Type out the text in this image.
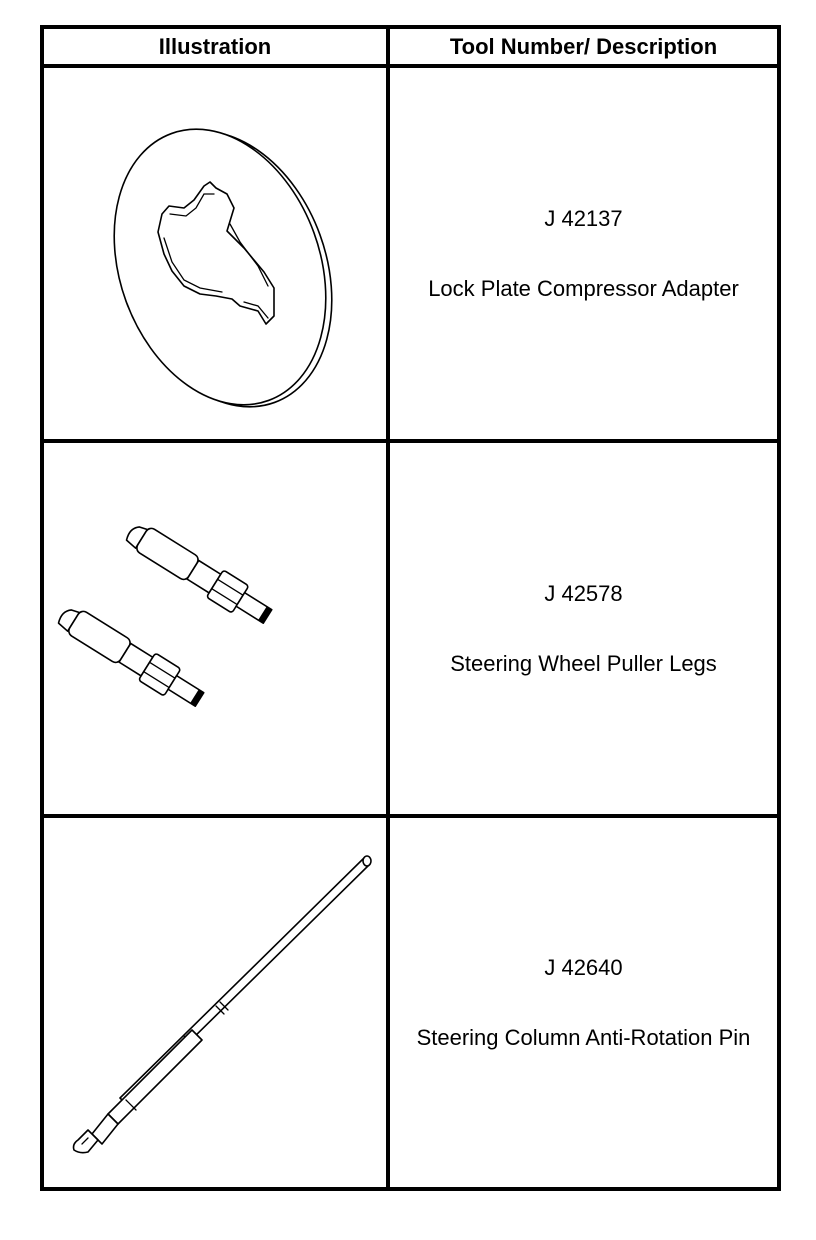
Illustration	Tool Number/ Description
J 42137
Lock Plate Compressor Adapter
J 42578
Steering Wheel Puller Legs
J 42640
Steering Column Anti-Rotation Pin
